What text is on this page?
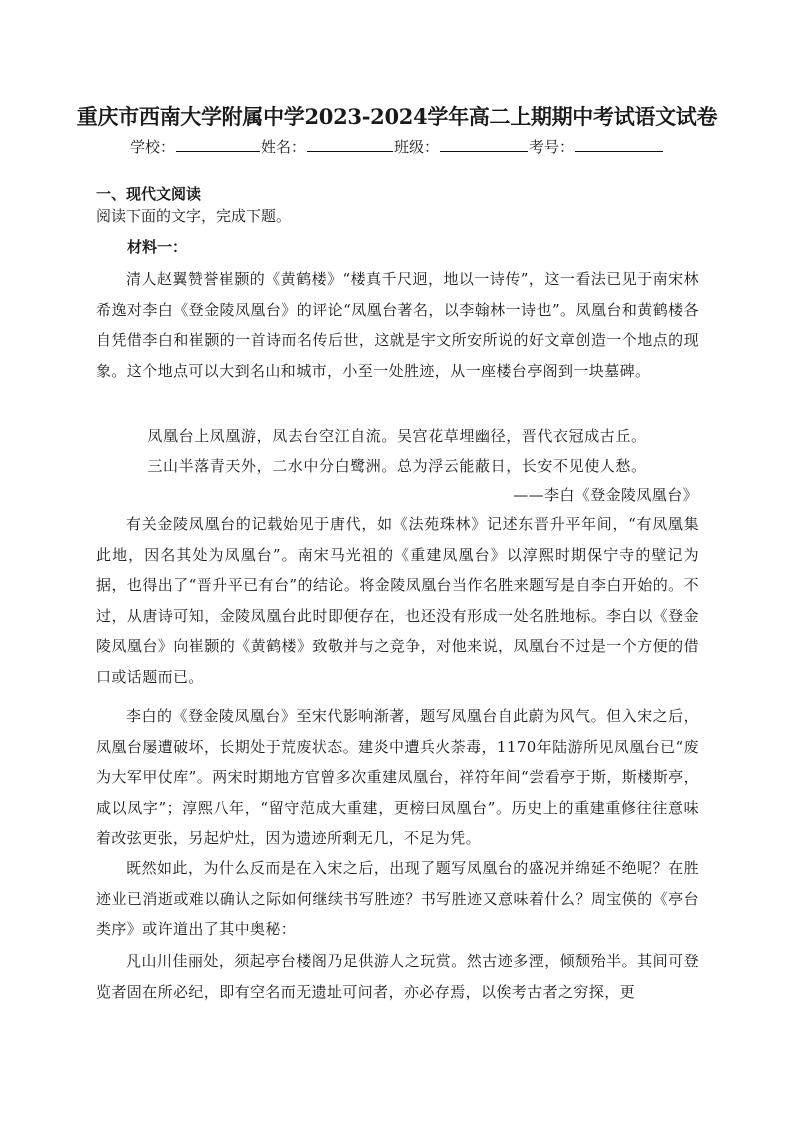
重庆市西南大学附属中学2023-2024学年高二上期期中考试语文试卷
学校：	姓名：	班级：	考号：
一、现代文阅读
阅读下面的文字，完成下题。
材料一：

清人赵翼赞誉崔颢的《黄鹤楼》“楼真千尺迥，地以一诗传”，这一看法已见于南宋林希逸对李白《登金陵凤凰台》的评论“凤凰台著名，以李翰林一诗也”。凤凰台和黄鹤楼各自凭借李白和崔颢的一首诗而名传后世，这就是宇文所安所说的好文章创造一个地点的现象。这个地点可以大到名山和城市，小至一处胜迹，从一座楼台亭阁到一块墓碑。

凤凰台上凤凰游，凤去台空江自流。吴宫花草埋幽径，晋代衣冠成古丘。
三山半落青天外，二水中分白鹭洲。总为浮云能蔽日，长安不见使人愁。
——李白《登金陵凤凰台》

有关金陵凤凰台的记载始见于唐代，如《法苑珠林》记述东晋升平年间，“有凤凰集此地，因名其处为凤凰台”。南宋马光祖的《重建凤凰台》以淳熙时期保宁寺的壁记为据，也得出了“晋升平已有台”的结论。将金陵凤凰台当作名胜来题写是自李白开始的。不过，从唐诗可知，金陵凤凰台此时即便存在，也还没有形成一处名胜地标。李白以《登金陵凤凰台》向崔颢的《黄鹤楼》致敬并与之竞争，对他来说，凤凰台不过是一个方便的借口或话题而已。

李白的《登金陵凤凰台》至宋代影响渐著，题写凤凰台自此蔚为风气。但入宋之后，凤凰台屡遭破坏，长期处于荒废状态。建炎中遭兵火荼毒，1170年陆游所见凤凰台已“废为大军甲仗库”。两宋时期地方官曾多次重建凤凰台，祥符年间“尝看亭于斯，斯楼斯亭，咸以凤字”；淳熙八年，“留守范成大重建，更榜曰凤凰台”。历史上的重建重修往往意味着改弦更张，另起炉灶，因为遗迹所剩无几，不足为凭。

既然如此，为什么反而是在入宋之后，出现了题写凤凰台的盛况并绵延不绝呢？在胜迹业已消逝或难以确认之际如何继续书写胜迹？书写胜迹又意味着什么？周宝偀的《亭台类序》或许道出了其中奥秘：

凡山川佳丽处，须起亭台楼阁乃足供游人之玩赏。然古迹多湮，倾颓殆半。其间可登览者固在所必纪，即有空名而无遗址可问者，亦必存焉，以俟考古者之穷探，更
